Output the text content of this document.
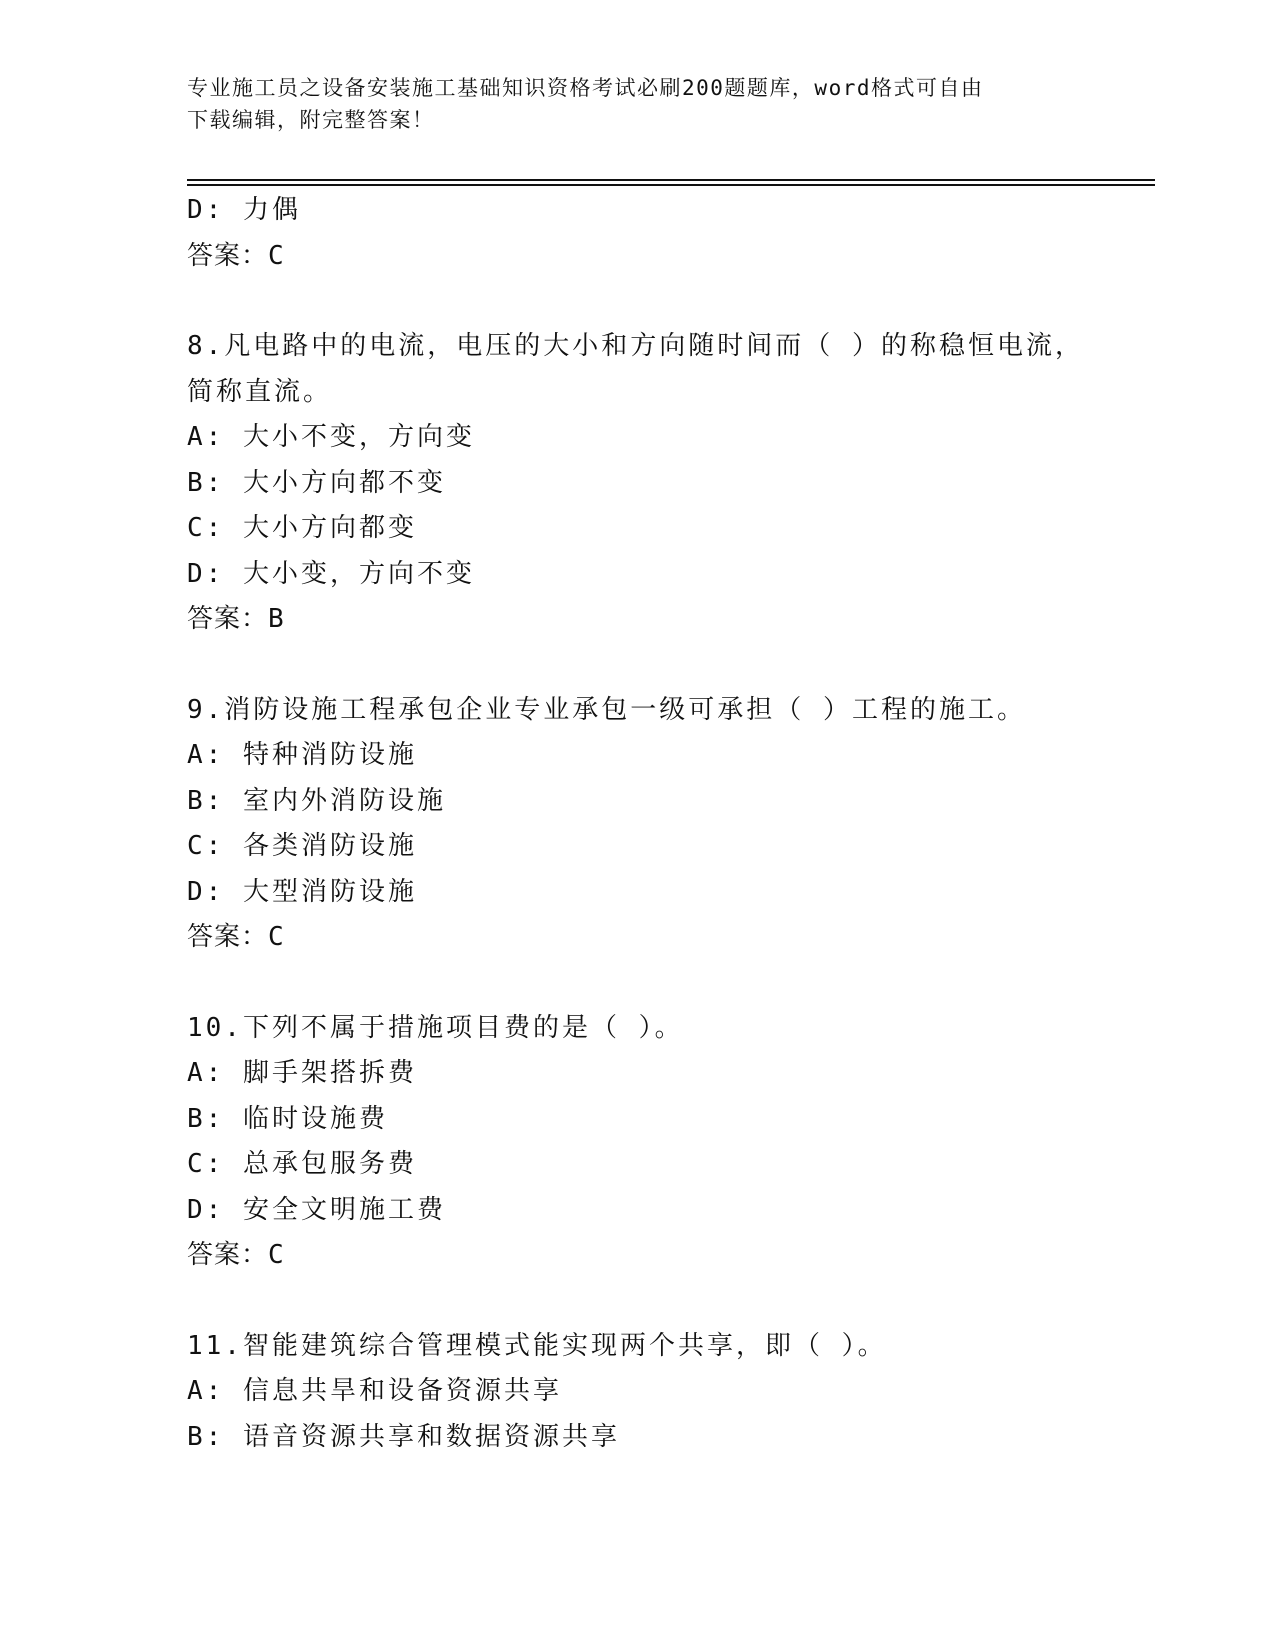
专业施工员之设备安装施工基础知识资格考试必刷200题题库，word格式可自由
下载编辑，附完整答案！
D: 力偶
答案：C
8.凡电路中的电流，电压的大小和方向随时间而（ ）的称稳恒电流，
简称直流。
A: 大小不变，方向变
B: 大小方向都不变
C: 大小方向都变
D: 大小变，方向不变
答案：B
9.消防设施工程承包企业专业承包一级可承担（ ）工程的施工。
A: 特种消防设施
B: 室内外消防设施
C: 各类消防设施
D: 大型消防设施
答案：C
10.下列不属于措施项目费的是（ ）。
A: 脚手架搭拆费
B: 临时设施费
C: 总承包服务费
D: 安全文明施工费
答案：C
11.智能建筑综合管理模式能实现两个共享，即（ ）。
A: 信息共旱和设备资源共享
B: 语音资源共享和数据资源共享
